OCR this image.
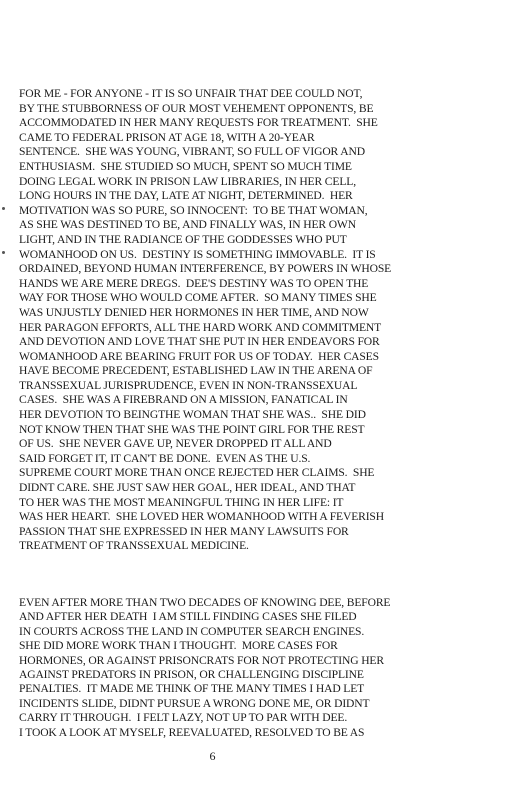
FOR ME - FOR ANYONE - IT IS SO UNFAIR THAT DEE COULD NOT,
BY THE STUBBORNESS OF OUR MOST VEHEMENT OPPONENTS, BE
ACCOMMODATED IN HER MANY REQUESTS FOR TREATMENT.  SHE
CAME TO FEDERAL PRISON AT AGE 18, WITH A 20-YEAR
SENTENCE.  SHE WAS YOUNG, VIBRANT, SO FULL OF VIGOR AND
ENTHUSIASM.  SHE STUDIED SO MUCH, SPENT SO MUCH TIME
DOING LEGAL WORK IN PRISON LAW LIBRARIES, IN HER CELL,
LONG HOURS IN THE DAY, LATE AT NIGHT, DETERMINED.  HER
MOTIVATION WAS SO PURE, SO INNOCENT:  TO BE THAT WOMAN,
AS SHE WAS DESTINED TO BE, AND FINALLY WAS, IN HER OWN
LIGHT, AND IN THE RADIANCE OF THE GODDESSES WHO PUT
WOMANHOOD ON US.  DESTINY IS SOMETHING IMMOVABLE.  IT IS
ORDAINED, BEYOND HUMAN INTERFERENCE, BY POWERS IN WHOSE
HANDS WE ARE MERE DREGS.  DEE'S DESTINY WAS TO OPEN THE
WAY FOR THOSE WHO WOULD COME AFTER.  SO MANY TIMES SHE
WAS UNJUSTLY DENIED HER HORMONES IN HER TIME, AND NOW
HER PARAGON EFFORTS, ALL THE HARD WORK AND COMMITMENT
AND DEVOTION AND LOVE THAT SHE PUT IN HER ENDEAVORS FOR
WOMANHOOD ARE BEARING FRUIT FOR US OF TODAY.  HER CASES
HAVE BECOME PRECEDENT, ESTABLISHED LAW IN THE ARENA OF
TRANSSEXUAL JURISPRUDENCE, EVEN IN NON-TRANSSEXUAL
CASES.  SHE WAS A FIREBRAND ON A MISSION, FANATICAL IN
HER DEVOTION TO BEINGTHE WOMAN THAT SHE WAS..  SHE DID
NOT KNOW THEN THAT SHE WAS THE POINT GIRL FOR THE REST
OF US.  SHE NEVER GAVE UP, NEVER DROPPED IT ALL AND
SAID FORGET IT, IT CAN'T BE DONE.  EVEN AS THE U.S.
SUPREME COURT MORE THAN ONCE REJECTED HER CLAIMS.  SHE
DIDNT CARE. SHE JUST SAW HER GOAL, HER IDEAL, AND THAT
TO HER WAS THE MOST MEANINGFUL THING IN HER LIFE: IT
WAS HER HEART.  SHE LOVED HER WOMANHOOD WITH A FEVERISH
PASSION THAT SHE EXPRESSED IN HER MANY LAWSUITS FOR
TREATMENT OF TRANSSEXUAL MEDICINE.
EVEN AFTER MORE THAN TWO DECADES OF KNOWING DEE, BEFORE
AND AFTER HER DEATH  I AM STILL FINDING CASES SHE FILED
IN COURTS ACROSS THE LAND IN COMPUTER SEARCH ENGINES.
SHE DID MORE WORK THAN I THOUGHT.  MORE CASES FOR
HORMONES, OR AGAINST PRISONCRATS FOR NOT PROTECTING HER
AGAINST PREDATORS IN PRISON, OR CHALLENGING DISCIPLINE
PENALTIES.  IT MADE ME THINK OF THE MANY TIMES I HAD LET
INCIDENTS SLIDE, DIDNT PURSUE A WRONG DONE ME, OR DIDNT
CARRY IT THROUGH.  I FELT LAZY, NOT UP TO PAR WITH DEE.
I TOOK A LOOK AT MYSELF, REEVALUATED, RESOLVED TO BE AS
6
